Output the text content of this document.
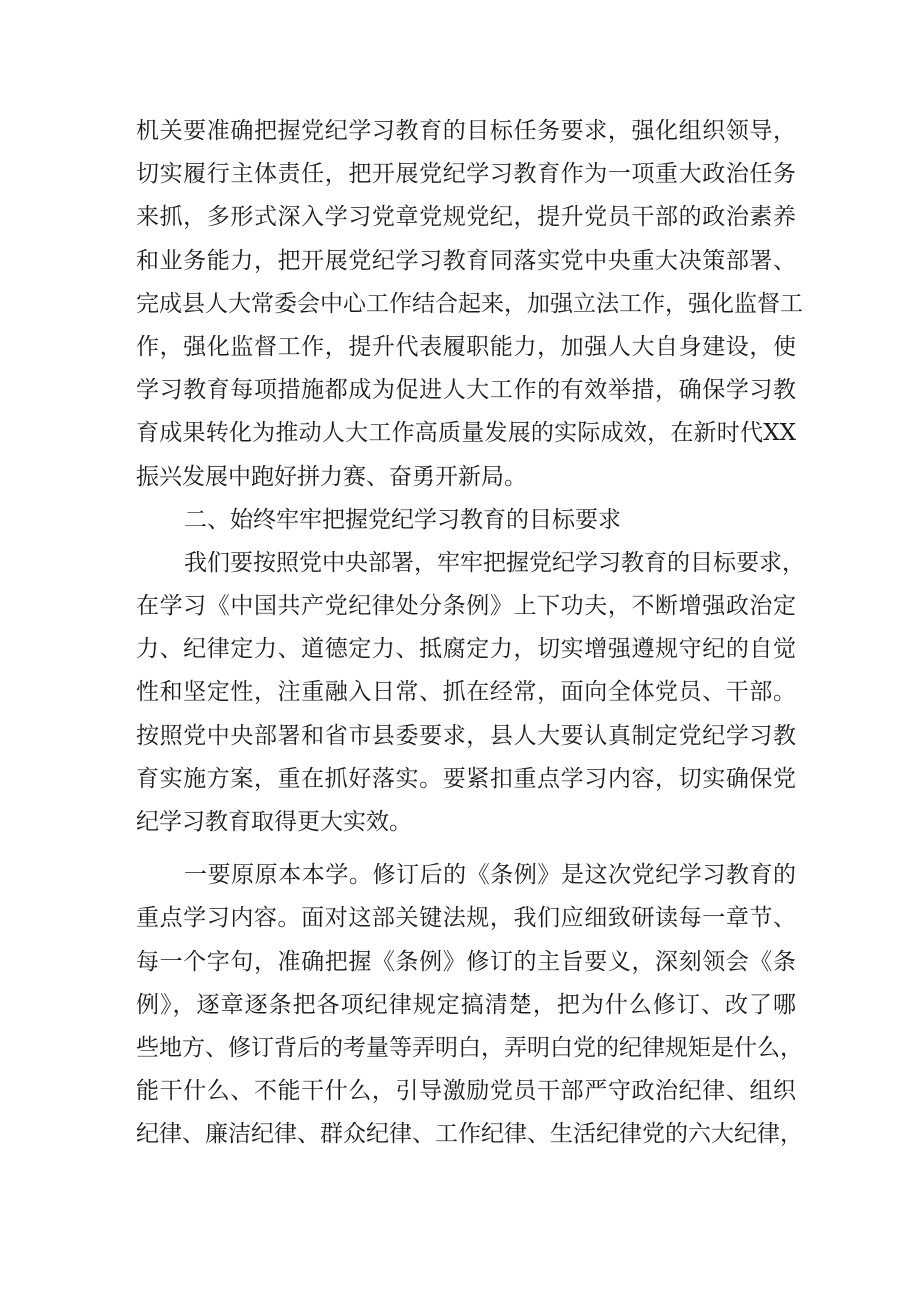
机关要准确把握党纪学习教育的目标任务要求，强化组织领导，
切实履行主体责任，把开展党纪学习教育作为一项重大政治任务
来抓，多形式深入学习党章党规党纪，提升党员干部的政治素养
和业务能力，把开展党纪学习教育同落实党中央重大决策部署、
完成县人大常委会中心工作结合起来，加强立法工作，强化监督工
作，强化监督工作，提升代表履职能力，加强人大自身建设，使
学习教育每项措施都成为促进人大工作的有效举措，确保学习教
育成果转化为推动人大工作高质量发展的实际成效，在新时代XX
振兴发展中跑好拼力赛、奋勇开新局。
二、始终牢牢把握党纪学习教育的目标要求
我们要按照党中央部署，牢牢把握党纪学习教育的目标要求，
在学习《中国共产党纪律处分条例》上下功夫，不断增强政治定
力、纪律定力、道德定力、抵腐定力，切实增强遵规守纪的自觉
性和坚定性，注重融入日常、抓在经常，面向全体党员、干部。
按照党中央部署和省市县委要求，县人大要认真制定党纪学习教
育实施方案，重在抓好落实。要紧扣重点学习内容，切实确保党
纪学习教育取得更大实效。
一要原原本本学。修订后的《条例》是这次党纪学习教育的
重点学习内容。面对这部关键法规，我们应细致研读每一章节、
每一个字句，准确把握《条例》修订的主旨要义，深刻领会《条
例》，逐章逐条把各项纪律规定搞清楚，把为什么修订、改了哪
些地方、修订背后的考量等弄明白，弄明白党的纪律规矩是什么，
能干什么、不能干什么，引导激励党员干部严守政治纪律、组织
纪律、廉洁纪律、群众纪律、工作纪律、生活纪律党的六大纪律，
